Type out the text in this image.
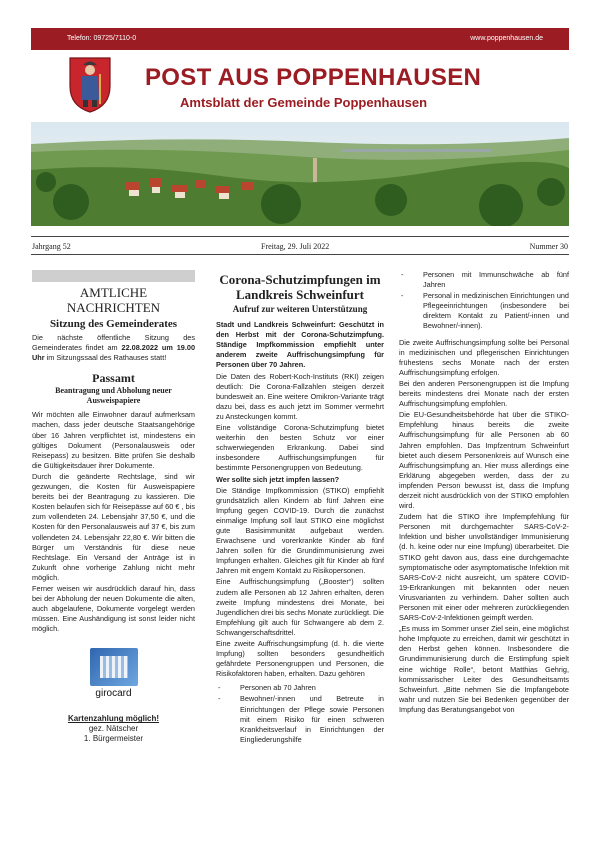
Telefon: 09725/7110-0	www.poppenhausen.de
POST AUS POPPENHAUSEN
Amtsblatt der Gemeinde Poppenhausen
Jahrgang 52	Freitag, 29. Juli 2022	Nummer 30
AMTLICHE NACHRICHTEN
Sitzung des Gemeinderates

Die nächste öffentliche Sitzung des Gemeinderates findet am 22.08.2022 um 19.00 Uhr im Sitzungssaal des Rathauses statt!

Passamt
Beantragung und Abholung neuer Ausweispapiere

Wir möchten alle Einwohner darauf aufmerksam machen, dass jeder deutsche Staatsangehörige über 16 Jahren verpflichtet ist, mindestens ein gültiges Dokument (Personalausweis oder Reisepass) zu besitzen. Bitte prüfen Sie deshalb die Gültigkeitsdauer ihrer Dokumente.

Durch die geänderte Rechtslage, sind wir gezwungen, die Kosten für Ausweispapiere bereits bei der Beantragung zu kassieren. Die Kosten belaufen sich für Reisepässe auf 60 € , bis zum vollendeten 24. Lebensjahr 37,50 €, und die Kosten für den Personalausweis auf 37 €, bis zum vollendeten 24. Lebensjahr 22,80 €. Wir bitten die Bürger um Verständnis für diese neue Rechtslage. Ein Versand der Anträge ist in Zukunft ohne vorherige Zahlung nicht mehr möglich.

Ferner weisen wir ausdrücklich darauf hin, dass bei der Abholung der neuen Dokumente die alten, auch abgelaufene, Dokumente vorgelegt werden müssen. Eine Aushändigung ist sonst leider nicht möglich.

girocard
Kartenzahlung möglich!
gez. Nätscher
1. Bürgermeister
Corona-Schutzimpfungen im Landkreis Schweinfurt
Aufruf zur weiteren Unterstützung

Stadt und Landkreis Schweinfurt: Geschützt in den Herbst mit der Corona-Schutzimpfung. Ständige Impfkommission empfiehlt unter anderem zweite Auffrischungsimpfung für Personen über 70 Jahren.

Die Daten des Robert-Koch-Instituts (RKI) zeigen deutlich: Die Corona-Fallzahlen steigen derzeit bundesweit an. Eine weitere Omikron-Variante trägt dazu bei, dass es auch jetzt im Sommer vermehrt zu Ansteckungen kommt.

Eine vollständige Corona-Schutzimpfung bietet weiterhin den besten Schutz vor einer schwerwiegenden Erkrankung. Dabei sind insbesondere Auffrischungsimpfungen für bestimmte Personengruppen von Bedeutung.

Wer sollte sich jetzt impfen lassen?

Die Ständige Impfkommission (STIKO) empfiehlt grundsätzlich allen Kindern ab fünf Jahren eine Impfung gegen COVID-19. Durch die zunächst einmalige Impfung soll laut STIKO eine möglichst gute Basisimmunität aufgebaut werden. Erwachsene und vorerkrankte Kinder ab fünf Jahren sollen für die Grundimmunisierung zwei Impfungen erhalten. Gleiches gilt für Kinder ab fünf Jahren mit engem Kontakt zu Risikopersonen.

Eine Auffrischungsimpfung („Booster“) sollten zudem alle Personen ab 12 Jahren erhalten, deren zweite Impfung mindestens drei Monate, bei Jugendlichen drei bis sechs Monate zurückliegt. Die Empfehlung gilt auch für Schwangere ab dem 2. Schwangerschaftsdrittel.

Eine zweite Auffrischungsimpfung (d. h. die vierte Impfung) sollten besonders gesundheitlich gefährdete Personengruppen und Personen, die Risikofaktoren haben, erhalten. Dazu gehören

- Personen ab 70 Jahren
- Bewohner/-innen und Betreute in Einrichtungen der Pflege sowie Personen mit einem Risiko für einen schweren Krankheitsverlauf in Einrichtungen der Eingliederungshilfe
- Personen mit Immunschwäche ab fünf Jahren
- Personal in medizinischen Einrichtungen und Pflegeeinrichtungen (insbesondere bei direktem Kontakt zu Patient/-innen und Bewohner/-innen).

Die zweite Auffrischungsimpfung sollte bei Personal in medizinischen und pflegerischen Einrichtungen frühestens sechs Monate nach der ersten Auffrischungsimpfung erfolgen.

Bei den anderen Personengruppen ist die Impfung bereits mindestens drei Monate nach der ersten Auffrischungsimpfung empfohlen.

Die EU-Gesundheitsbehörde hat über die STIKO-Empfehlung hinaus bereits die zweite Auffrischungsimpfung für alle Personen ab 60 Jahren empfohlen. Das Impfzentrum Schweinfurt bietet auch diesem Personenkreis auf Wunsch eine Auffrischungsimpfung an. Hier muss allerdings eine Erklärung abgegeben werden, dass der zu impfenden Person bewusst ist, dass die Impfung derzeit nicht ausdrücklich von der STIKO empfohlen wird.

Zudem hat die STIKO ihre Impfempfehlung für Personen mit durchgemachter SARS-CoV-2-Infektion und bisher unvollständiger Immunisierung (d. h. keine oder nur eine Impfung) überarbeitet. Die STIKO geht davon aus, dass eine durchgemachte symptomatische oder asymptomatische Infektion mit SARS-CoV-2 nicht ausreicht, um spätere COVID-19-Erkrankungen mit bekannten oder neuen Virusvarianten zu verhindern. Daher sollten auch Personen mit einer oder mehreren zurückliegenden SARS-CoV-2-Infektionen geimpft werden.

„Es muss im Sommer unser Ziel sein, eine möglichst hohe Impfquote zu erreichen, damit wir geschützt in den Herbst gehen können. Insbesondere die Grundimmunisierung durch die Erstimpfung spielt eine wichtige Rolle“, betont Matthias Gehrig, kommissarischer Leiter des Gesundheitsamts Schweinfurt. „Bitte nehmen Sie die Impfangebote wahr und nutzen Sie bei Bedenken gegenüber der Impfung das Beratungsangebot von
